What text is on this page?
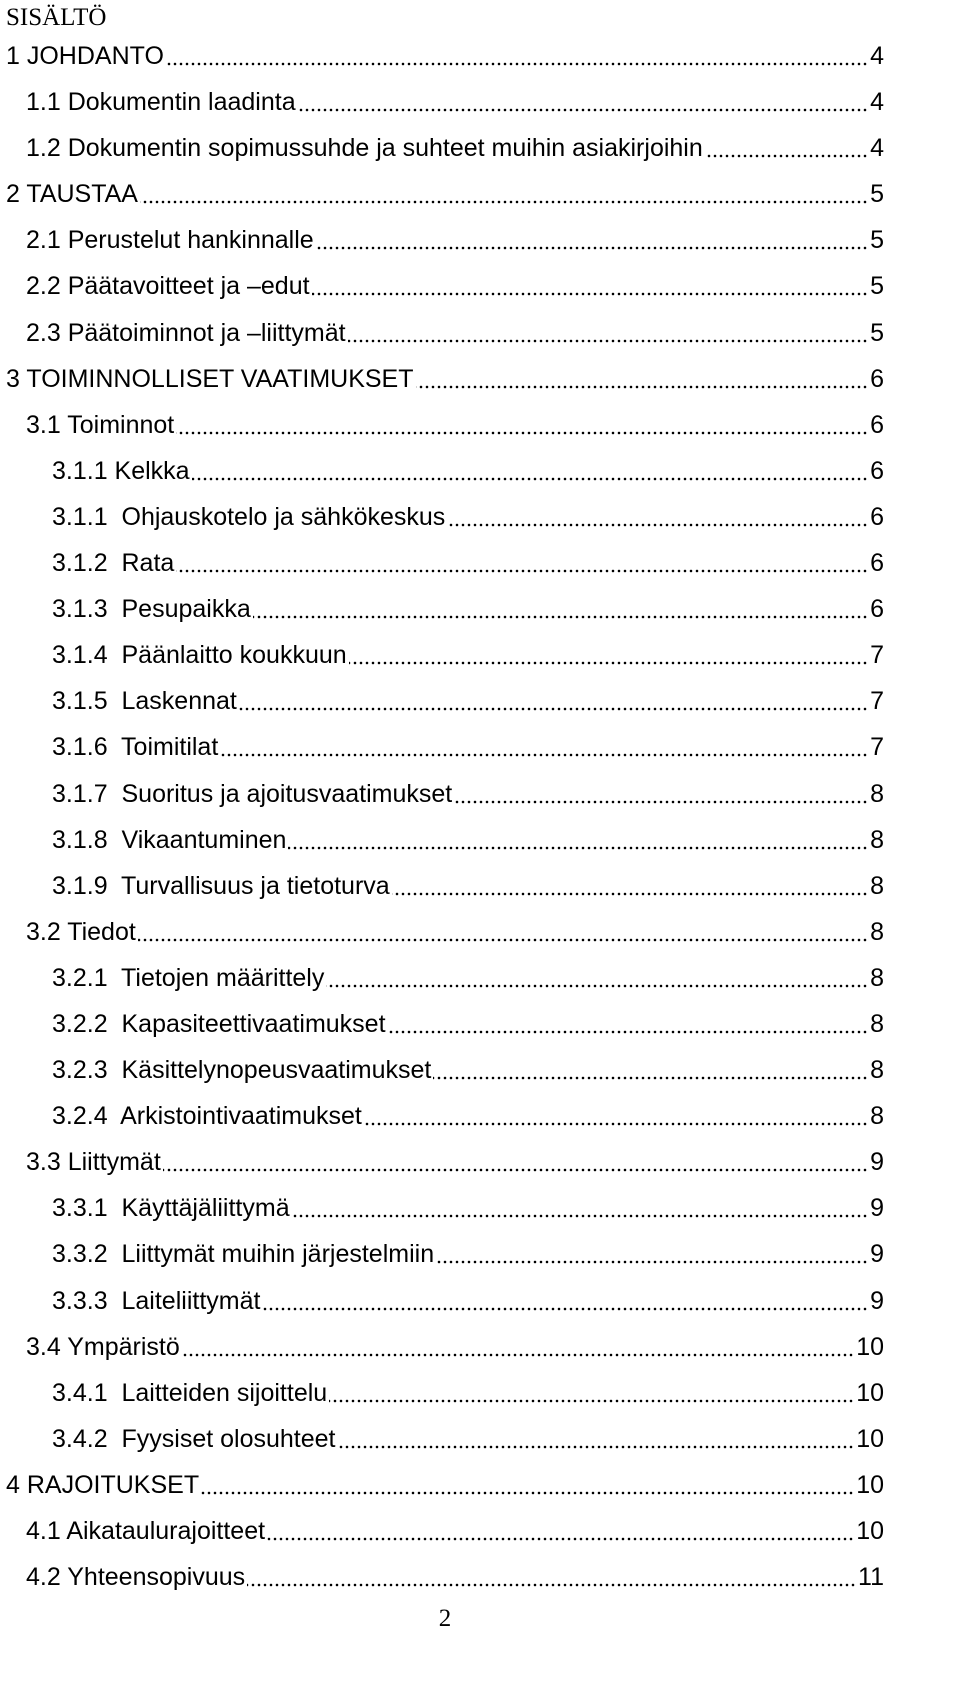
SISÄLTÖ
1 JOHDANTO	4
1.1 Dokumentin laadinta	4
1.2 Dokumentin sopimussuhde ja suhteet muihin asiakirjoihin	4
2 TAUSTAA	5
2.1 Perustelut hankinnalle	5
2.2 Päätavoitteet ja –edut	5
2.3 Päätoiminnot ja –liittymät	5
3 TOIMINNOLLISET VAATIMUKSET	6
3.1 Toiminnot	6
3.1.1 Kelkka	6
3.1.1  Ohjauskotelo ja sähkökeskus	6
3.1.2  Rata	6
3.1.3  Pesupaikka	6
3.1.4  Päänlaitto koukkuun	7
3.1.5  Laskennat	7
3.1.6  Toimitilat	7
3.1.7  Suoritus ja ajoitusvaatimukset	8
3.1.8  Vikaantuminen	8
3.1.9  Turvallisuus ja tietoturva	8
3.2 Tiedot	8
3.2.1  Tietojen määrittely	8
3.2.2  Kapasiteettivaatimukset	8
3.2.3  Käsittelynopeusvaatimukset	8
3.2.4  Arkistointivaatimukset	8
3.3 Liittymät	9
3.3.1  Käyttäjäliittymä	9
3.3.2  Liittymät muihin järjestelmiin	9
3.3.3  Laiteliittymät	9
3.4 Ympäristö	10
3.4.1  Laitteiden sijoittelu	10
3.4.2  Fyysiset olosuhteet	10
4 RAJOITUKSET	10
4.1 Aikataulurajoitteet	10
4.2 Yhteensopivuus	11
2
